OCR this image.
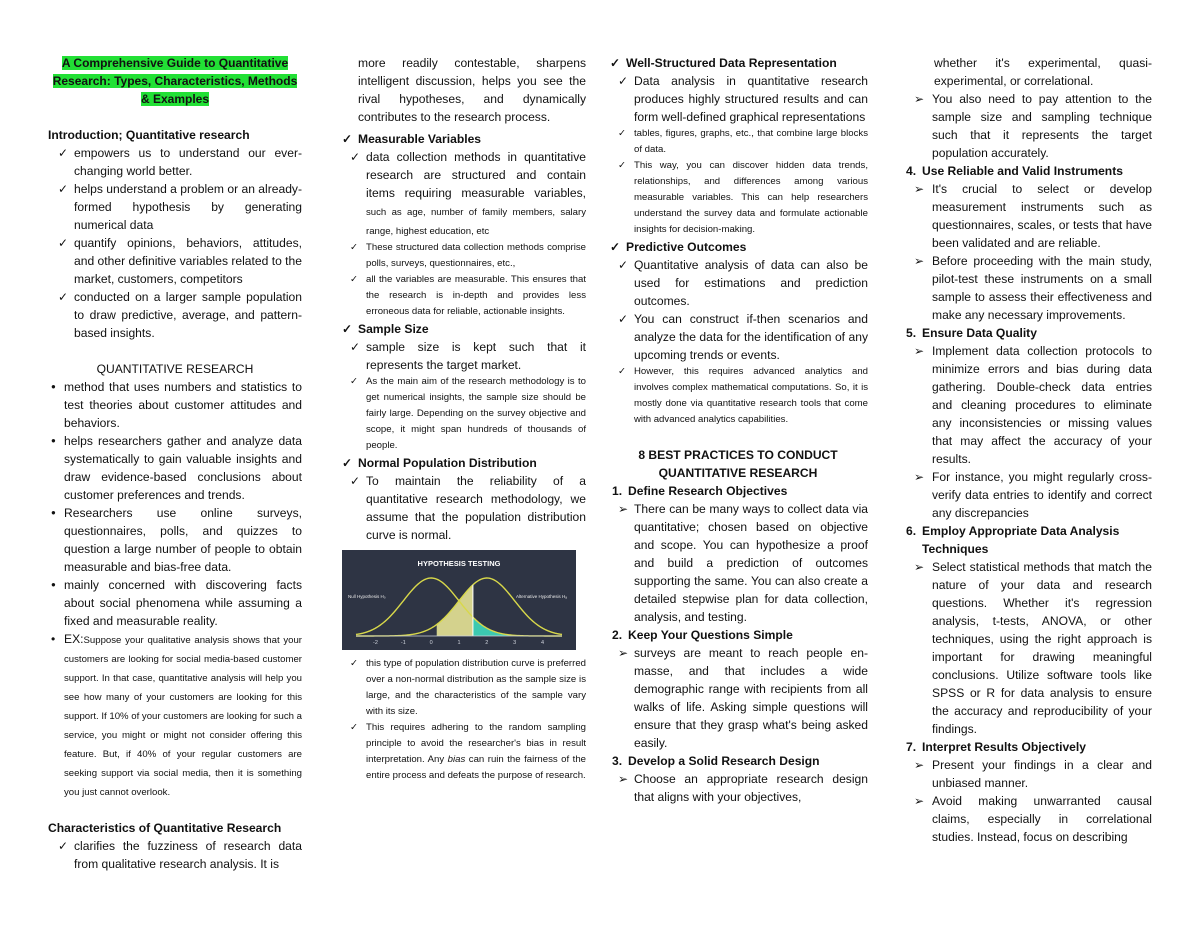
A Comprehensive Guide to Quantitative Research: Types, Characteristics, Methods & Examples
Introduction; Quantitative research
✓ empowers us to understand our ever-changing world better.
✓ helps understand a problem or an already-formed hypothesis by generating numerical data
✓ quantify opinions, behaviors, attitudes, and other definitive variables related to the market, customers, competitors
✓ conducted on a larger sample population to draw predictive, average, and pattern-based insights.
QUANTITATIVE RESEARCH
● method that uses numbers and statistics to test theories about customer attitudes and behaviors.
● helps researchers gather and analyze data systematically to gain valuable insights and draw evidence-based conclusions about customer preferences and trends.
● Researchers use online surveys, questionnaires, polls, and quizzes to question a large number of people to obtain measurable and bias-free data.
● mainly concerned with discovering facts about social phenomena while assuming a fixed and measurable reality.
• EX:Suppose your qualitative analysis shows that your customers are looking for social media-based customer support. In that case, quantitative analysis will help you see how many of your customers are looking for this support. If 10% of your customers are looking for such a service, you might or might not consider offering this feature. But, if 40% of your regular customers are seeking support via social media, then it is something you just cannot overlook.
Characteristics of Quantitative Research
✓ clarifies the fuzziness of research data from qualitative research analysis. It is
more readily contestable, sharpens intelligent discussion, helps you see the rival hypotheses, and dynamically contributes to the research process.
✓ Measurable Variables
✓ data collection methods in quantitative research are structured and contain items requiring measurable variables, such as age, number of family members, salary range, highest education, etc
✓ These structured data collection methods comprise polls, surveys, questionnaires, etc.,
✓ all the variables are measurable. This ensures that the research is in-depth and provides less erroneous data for reliable, actionable insights.
✓ Sample Size
✓ sample size is kept such that it represents the target market.
✓ As the main aim of the research methodology is to get numerical insights, the sample size should be fairly large. Depending on the survey objective and scope, it might span hundreds of thousands of people.
✓ Normal Population Distribution
✓ To maintain the reliability of a quantitative research methodology, we assume that the population distribution curve is normal.
HYPOTHESIS TESTING
Null Hypothesis H₀	Alternative Hypothesis Hₐ
-2	-1	0	1	2	3	4
✓ this type of population distribution curve is preferred over a non-normal distribution as the sample size is large, and the characteristics of the sample vary with its size.
✓ This requires adhering to the random sampling principle to avoid the researcher's bias in result interpretation. Any bias can ruin the fairness of the entire process and defeats the purpose of research.
✓ Well-Structured Data Representation
✓ Data analysis in quantitative research produces highly structured results and can form well-defined graphical representations
✓ tables, figures, graphs, etc., that combine large blocks of data.
✓ This way, you can discover hidden data trends, relationships, and differences among various measurable variables. This can help researchers understand the survey data and formulate actionable insights for decision-making.
✓ Predictive Outcomes
✓ Quantitative analysis of data can also be used for estimations and prediction outcomes.
✓ You can construct if-then scenarios and analyze the data for the identification of any upcoming trends or events.
✓ However, this requires advanced analytics and involves complex mathematical computations. So, it is mostly done via quantitative research tools that come with advanced analytics capabilities.
8 BEST PRACTICES TO CONDUCT
QUANTITATIVE RESEARCH
1. Define Research Objectives
➢ There can be many ways to collect data via quantitative; chosen based on objective and scope. You can hypothesize a proof and build a prediction of outcomes supporting the same. You can also create a detailed stepwise plan for data collection, analysis, and testing.
2. Keep Your Questions Simple
➢ surveys are meant to reach people en-masse, and that includes a wide demographic range with recipients from all walks of life. Asking simple questions will ensure that they grasp what's being asked easily.
3. Develop a Solid Research Design
➢ Choose an appropriate research design that aligns with your objectives,
whether it's experimental, quasi-experimental, or correlational.
➢ You also need to pay attention to the sample size and sampling technique such that it represents the target population accurately.
4. Use Reliable and Valid Instruments
➢ It's crucial to select or develop measurement instruments such as questionnaires, scales, or tests that have been validated and are reliable.
➢ Before proceeding with the main study, pilot-test these instruments on a small sample to assess their effectiveness and make any necessary improvements.
5. Ensure Data Quality
➢ Implement data collection protocols to minimize errors and bias during data gathering. Double-check data entries and cleaning procedures to eliminate any inconsistencies or missing values that may affect the accuracy of your results.
➢ For instance, you might regularly cross-verify data entries to identify and correct any discrepancies
6. Employ Appropriate Data Analysis Techniques
➢ Select statistical methods that match the nature of your data and research questions. Whether it's regression analysis, t-tests, ANOVA, or other techniques, using the right approach is important for drawing meaningful conclusions. Utilize software tools like SPSS or R for data analysis to ensure the accuracy and reproducibility of your findings.
7. Interpret Results Objectively
➢ Present your findings in a clear and unbiased manner.
➢ Avoid making unwarranted causal claims, especially in correlational studies. Instead, focus on describing
